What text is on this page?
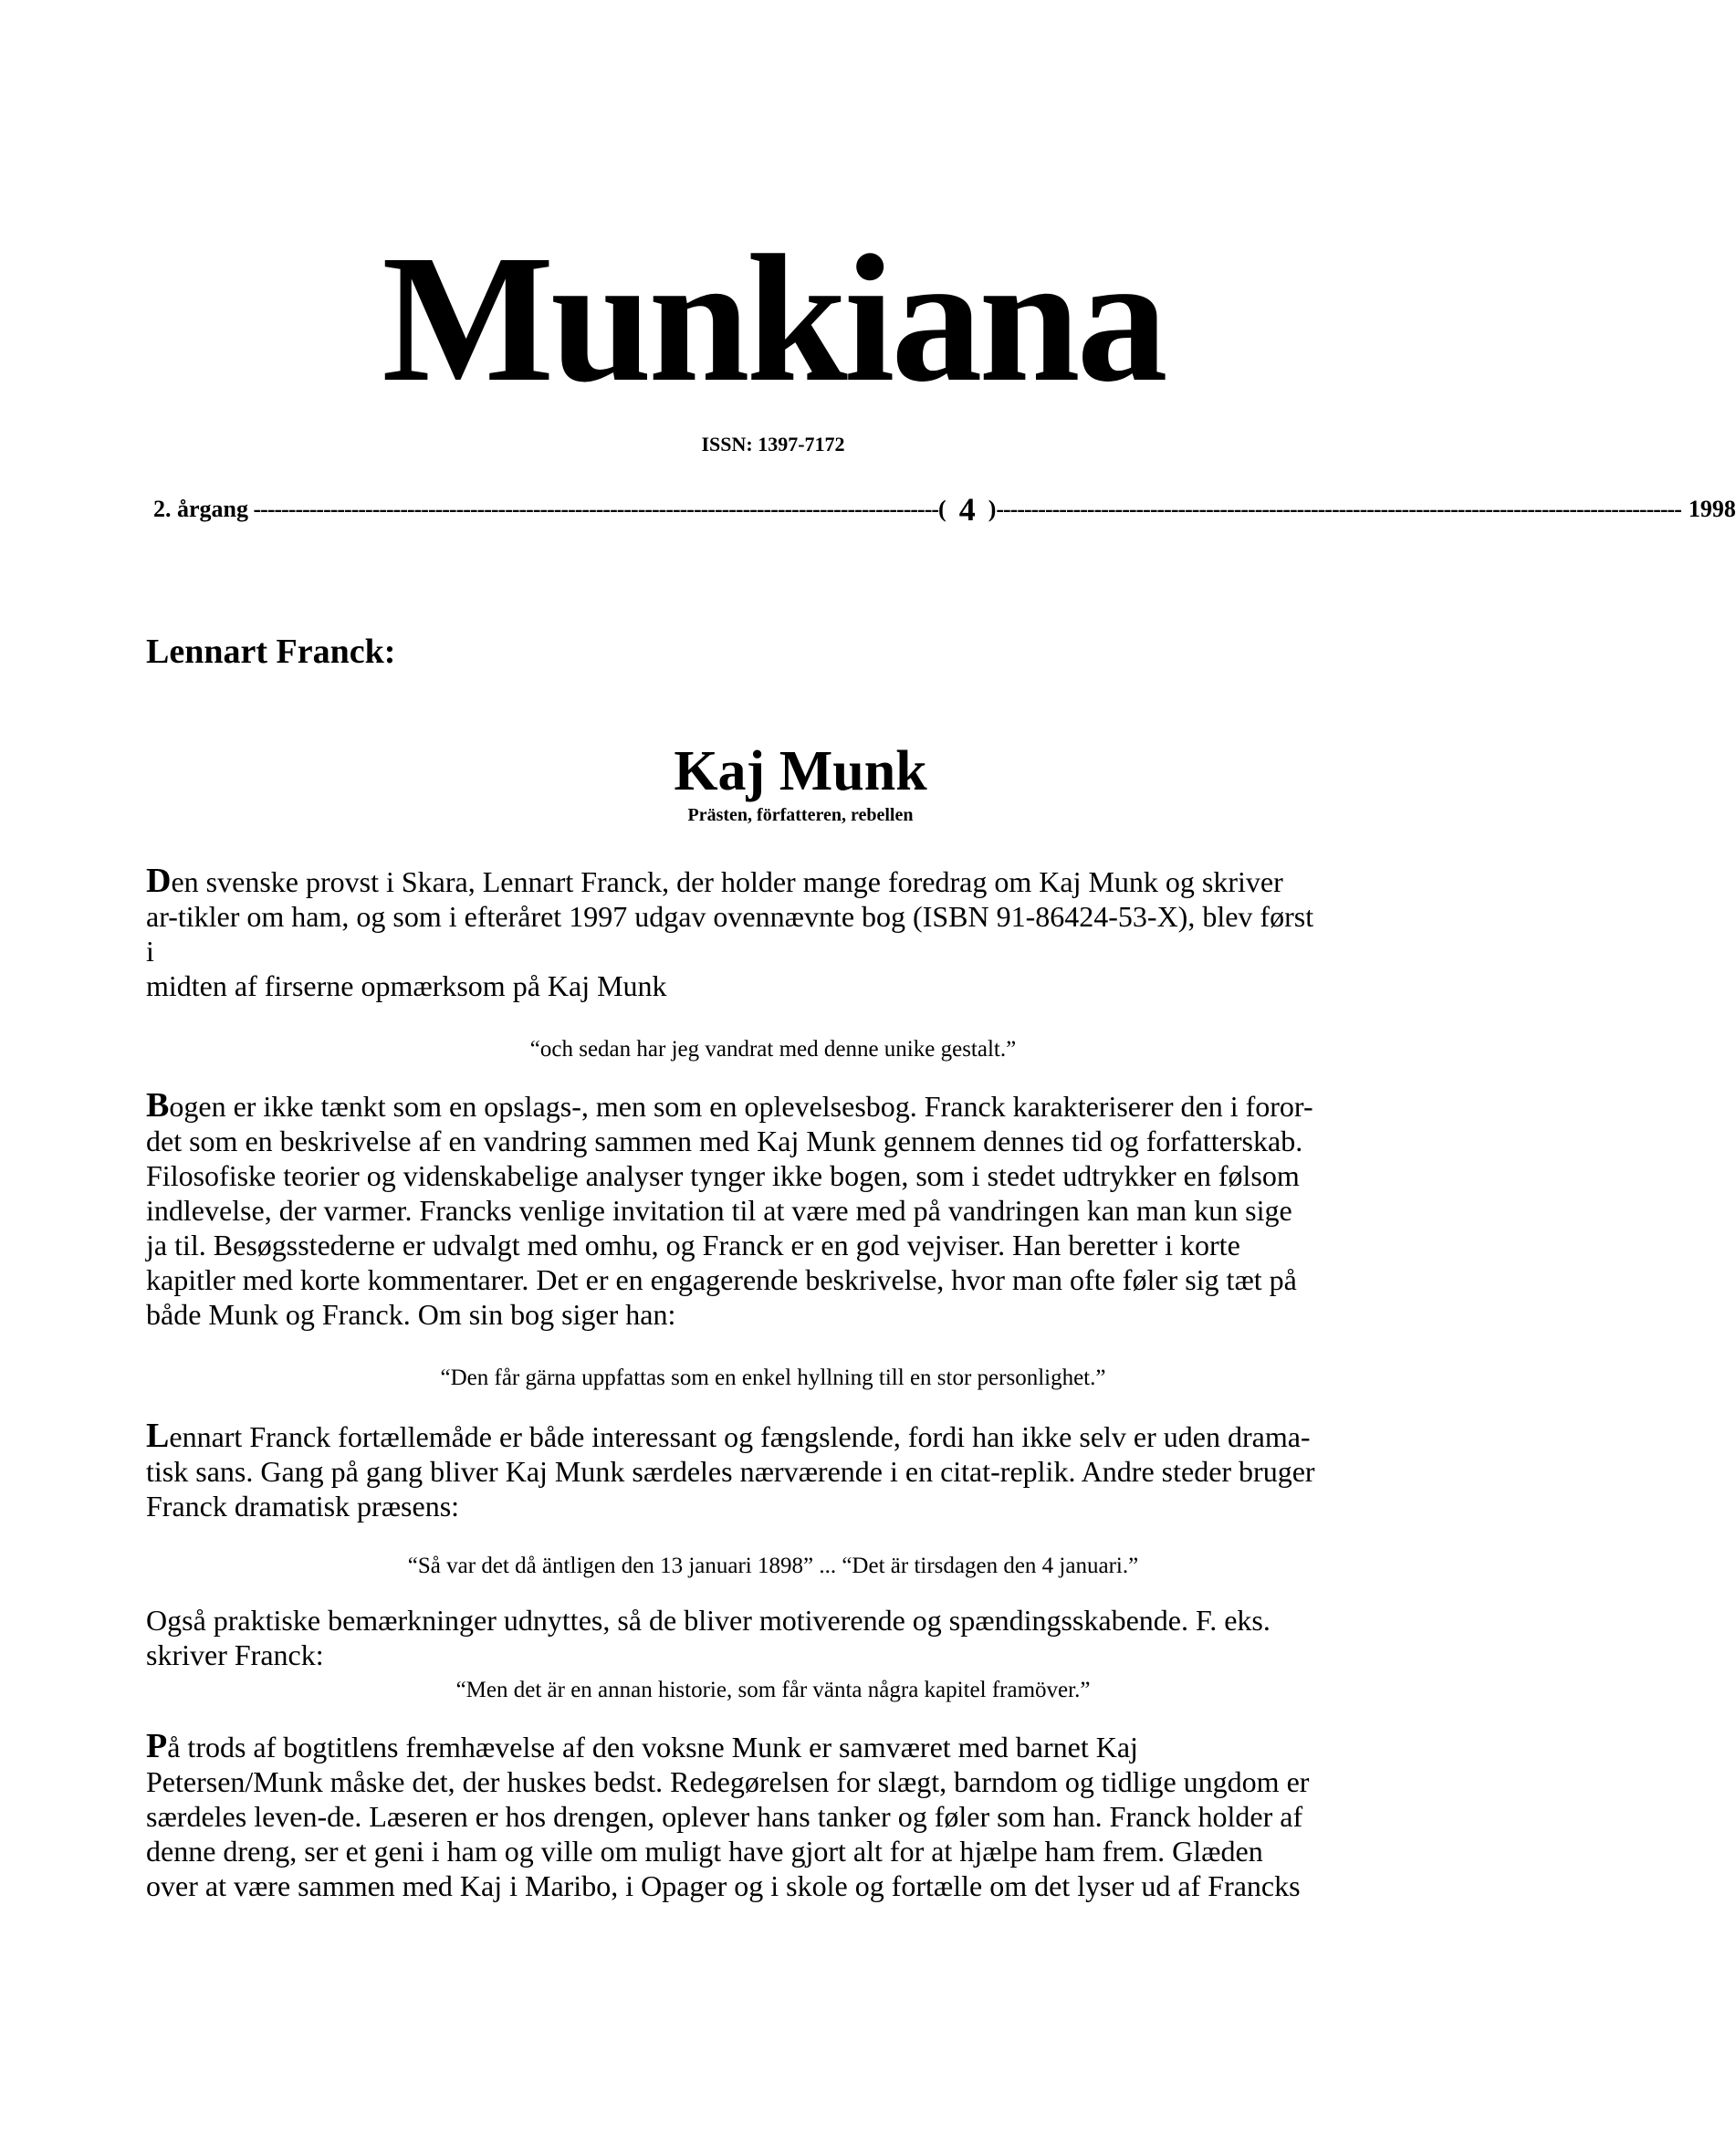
Munkiana
ISSN: 1397-7172
2. årgang -------------------------------------------------------------------------------------------------- ( 4 ) -------------------------------------------------------------------------------------------------- 1998
Lennart Franck:
Kaj Munk
Prästen, författeren, rebellen
Den svenske provst i Skara, Lennart Franck, der holder mange foredrag om Kaj Munk og skriver
ar-tikler om ham, og som i efteråret 1997 udgav ovennævnte bog (ISBN 91-86424-53-X), blev først
i
midten af firserne opmærksom på Kaj Munk
“och sedan har jeg vandrat med denne unike gestalt.”
Bogen er ikke tænkt som en opslags-, men som en oplevelsesbog. Franck karakteriserer den i foror-
det som en beskrivelse af en vandring sammen med Kaj Munk gennem dennes tid og forfatterskab.
Filosofiske teorier og videnskabelige analyser tynger ikke bogen, som i stedet udtrykker en følsom
indlevelse, der varmer. Francks venlige invitation til at være med på vandringen kan man kun sige
ja til. Besøgsstederne er udvalgt med omhu, og Franck er en god vejviser. Han beretter i korte
kapitler med korte kommentarer. Det er en engagerende beskrivelse, hvor man ofte føler sig tæt på
både Munk og Franck. Om sin bog siger han:
“Den får gärna uppfattas som en enkel hyllning till en stor personlighet.”
Lennart Franck fortællemåde er både interessant og fængslende, fordi han ikke selv er uden drama-
tisk sans. Gang på gang bliver Kaj Munk særdeles nærværende i en citat-replik. Andre steder bruger
Franck dramatisk præsens:
“Så var det då äntligen den 13 januari 1898” ... “Det är tirsdagen den 4 januari.”
Også praktiske bemærkninger udnyttes, så de bliver motiverende og spændingsskabende. F. eks.
skriver Franck:
“Men det är en annan historie, som får vänta några kapitel framöver.”
På trods af bogtitlens fremhævelse af den voksne Munk er samværet med barnet Kaj
Petersen/Munk måske det, der huskes bedst. Redegørelsen for slægt, barndom og tidlige ungdom er
særdeles leven-de. Læseren er hos drengen, oplever hans tanker og føler som han. Franck holder af
denne dreng, ser et geni i ham og ville om muligt have gjort alt for at hjælpe ham frem. Glæden
over at være sammen med Kaj i Maribo, i Opager og i skole og fortælle om det lyser ud af Francks
